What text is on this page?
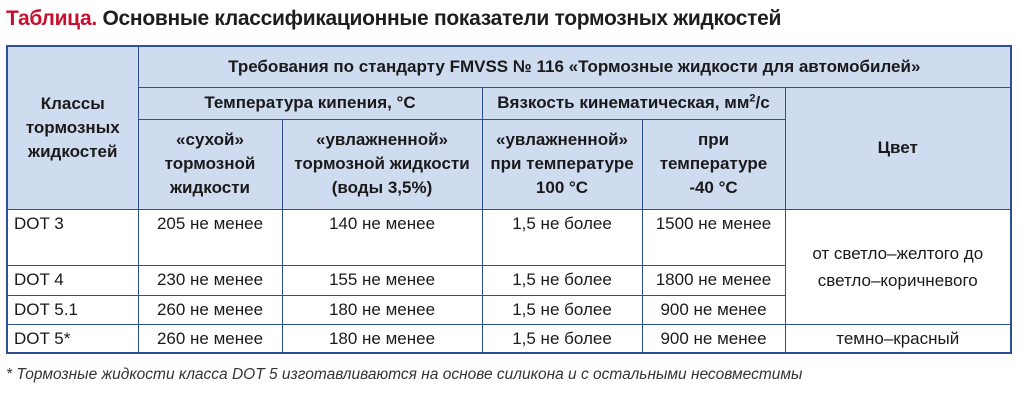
Таблица. Основные классификационные показатели тормозных жидкостей
Классы
тормозных
жидкостей	Требования по стандарту FMVSS № 116 «Тормозные жидкости для автомобилей»				
	Температура кипения, °С		Вязкость кинематическая, $мм^2/с$		Цвет

	«сухой»
тормозной
жидкости	«увлажненной»
тормозной жидкости
(воды 3,5%)	«увлажненной»
при температуре
100 °С	при
температуре
-40 °С	

DOT 3	205 не менее	140 не менее	1,5 не более	1500 не менее	от светло–желтого до
светло–коричневого

DOT 4	230 не менее	155 не менее	1,5 не более	1800 не менее	
DOT 5.1	260 не менее	180 не менее	1,5 не более	900 не менее	
DOT 5*	260 не менее	180 не менее	1,5 не более	900 не менее	темно–красный
* Тормозные жидкости класса DOT 5 изготавливаются на основе силикона и с остальными несовместимы
